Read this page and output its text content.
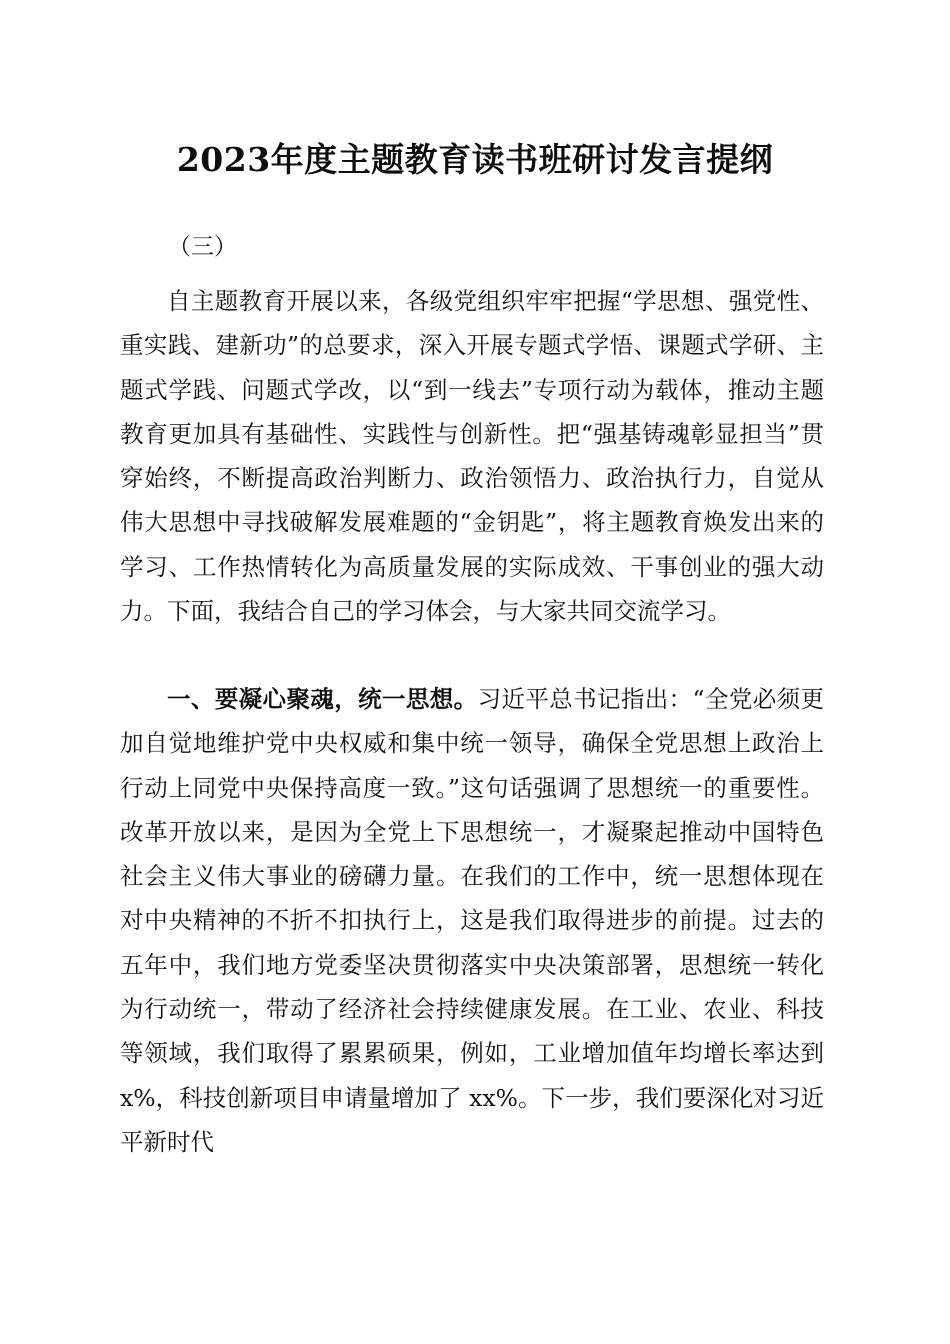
2023年度主题教育读书班研讨发言提纲
（三）

自主题教育开展以来，各级党组织牢牢把握“学思想、强党性、重实践、建新功”的总要求，深入开展专题式学悟、课题式学研、主题式学践、问题式学改，以“到一线去”专项行动为载体，推动主题教育更加具有基础性、实践性与创新性。把“强基铸魂彰显担当”贯穿始终，不断提高政治判断力、政治领悟力、政治执行力，自觉从伟大思想中寻找破解发展难题的“金钥匙”，将主题教育焕发出来的学习、工作热情转化为高质量发展的实际成效、干事创业的强大动力。下面，我结合自己的学习体会，与大家共同交流学习。

一、要凝心聚魂，统一思想。习近平总书记指出：“全党必须更加自觉地维护党中央权威和集中统一领导，确保全党思想上政治上行动上同党中央保持高度一致。”这句话强调了思想统一的重要性。改革开放以来，是因为全党上下思想统一，才凝聚起推动中国特色社会主义伟大事业的磅礴力量。在我们的工作中，统一思想体现在对中央精神的不折不扣执行上，这是我们取得进步的前提。过去的五年中，我们地方党委坚决贯彻落实中央决策部署，思想统一转化为行动统一，带动了经济社会持续健康发展。在工业、农业、科技等领域，我们取得了累累硕果，例如，工业增加值年均增长率达到 x%，科技创新项目申请量增加了 xx%。下一步，我们要深化对习近平新时代
